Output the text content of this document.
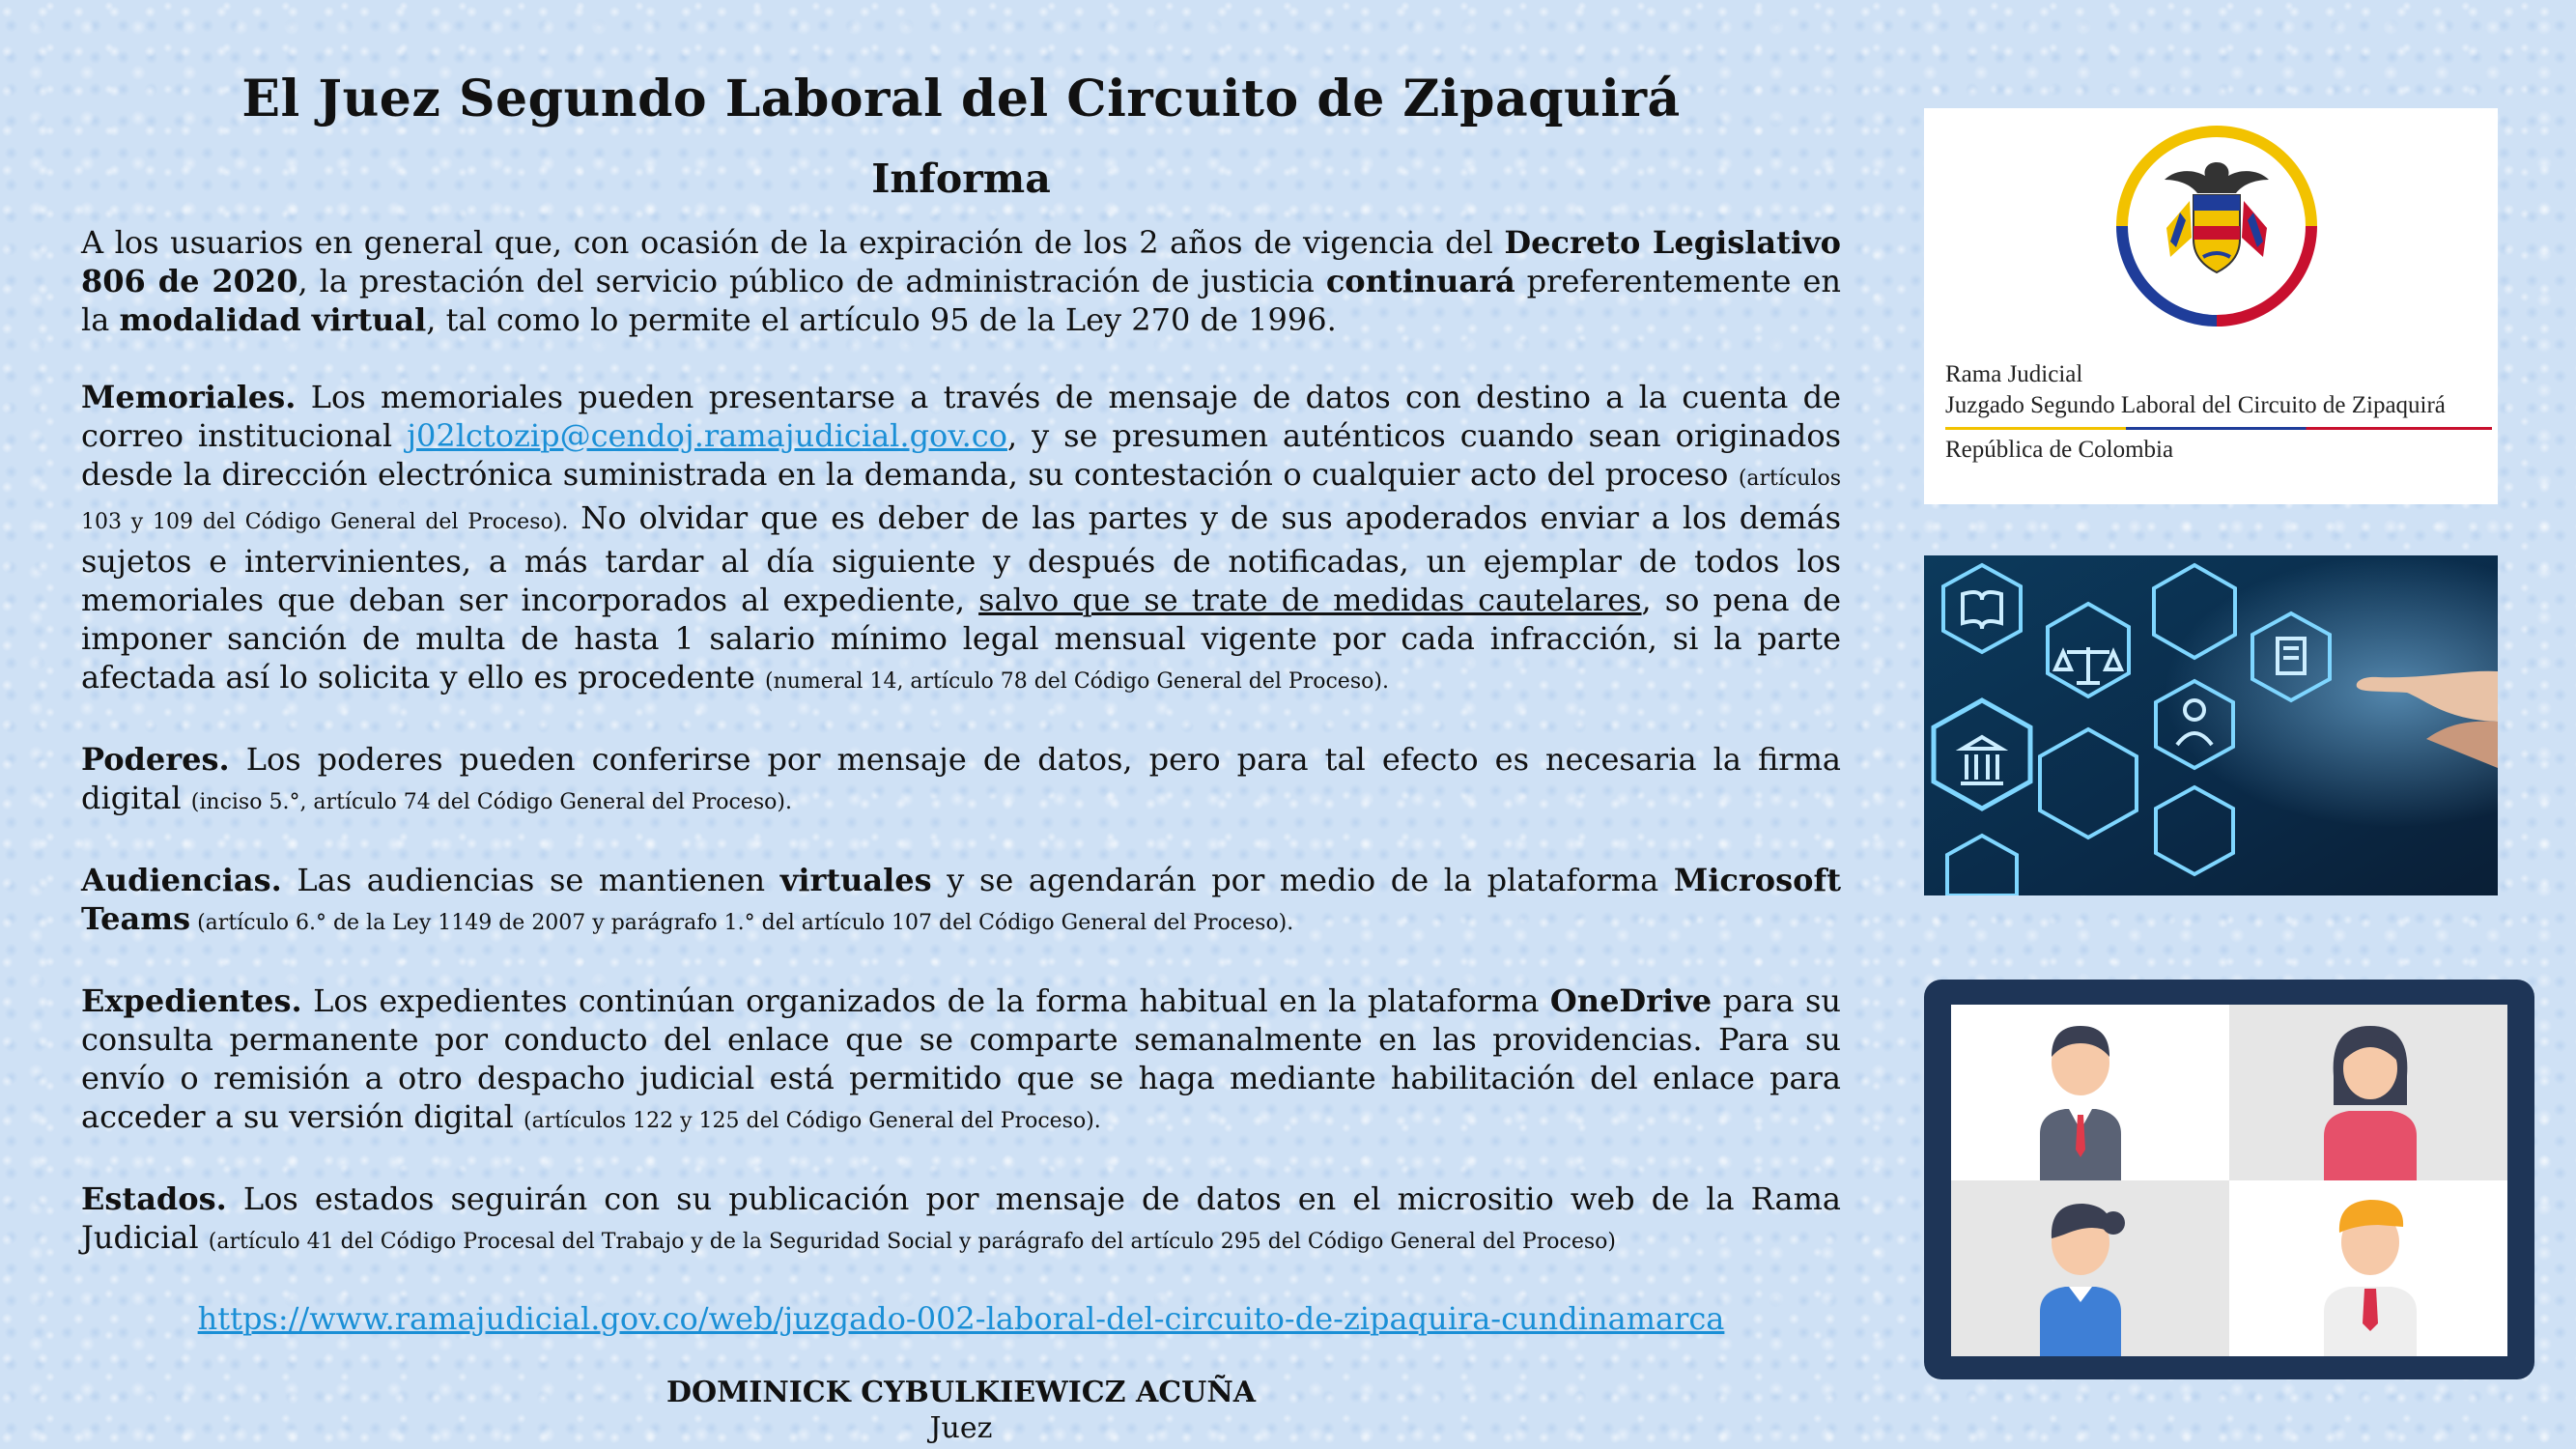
El Juez Segundo Laboral del Circuito de Zipaquirá
Informa

A los usuarios en general que, con ocasión de la expiración de los 2 años de vigencia del Decreto Legislativo 806 de 2020, la prestación del servicio público de administración de justicia continuará preferentemente en la modalidad virtual, tal como lo permite el artículo 95 de la Ley 270 de 1996.

Memoriales. Los memoriales pueden presentarse a través de mensaje de datos con destino a la cuenta de correo institucional j02lctozip@cendoj.ramajudicial.gov.co, y se presumen auténticos cuando sean originados desde la dirección electrónica suministrada en la demanda, su contestación o cualquier acto del proceso (artículos 103 y 109 del Código General del Proceso). No olvidar que es deber de las partes y de sus apoderados enviar a los demás sujetos e intervinientes, a más tardar al día siguiente y después de notificadas, un ejemplar de todos los memoriales que deban ser incorporados al expediente, salvo que se trate de medidas cautelares, so pena de imponer sanción de multa de hasta 1 salario mínimo legal mensual vigente por cada infracción, si la parte afectada así lo solicita y ello es procedente (numeral 14, artículo 78 del Código General del Proceso).

Poderes. Los poderes pueden conferirse por mensaje de datos, pero para tal efecto es necesaria la firma digital (inciso 5.°, artículo 74 del Código General del Proceso).

Audiencias. Las audiencias se mantienen virtuales y se agendarán por medio de la plataforma Microsoft Teams (artículo 6.° de la Ley 1149 de 2007 y parágrafo 1.° del artículo 107 del Código General del Proceso).

Expedientes. Los expedientes continúan organizados de la forma habitual en la plataforma OneDrive para su consulta permanente por conducto del enlace que se comparte semanalmente en las providencias. Para su envío o remisión a otro despacho judicial está permitido que se haga mediante habilitación del enlace para acceder a su versión digital (artículos 122 y 125 del Código General del Proceso).

Estados. Los estados seguirán con su publicación por mensaje de datos en el micrositio web de la Rama Judicial (artículo 41 del Código Procesal del Trabajo y de la Seguridad Social y parágrafo del artículo 295 del Código General del Proceso)

https://www.ramajudicial.gov.co/web/juzgado-002-laboral-del-circuito-de-zipaquira-cundinamarca
DOMINICK CYBULKIEWICZ ACUÑA
Juez
Rama Judicial
Juzgado Segundo Laboral del Circuito de Zipaquirá
República de Colombia
